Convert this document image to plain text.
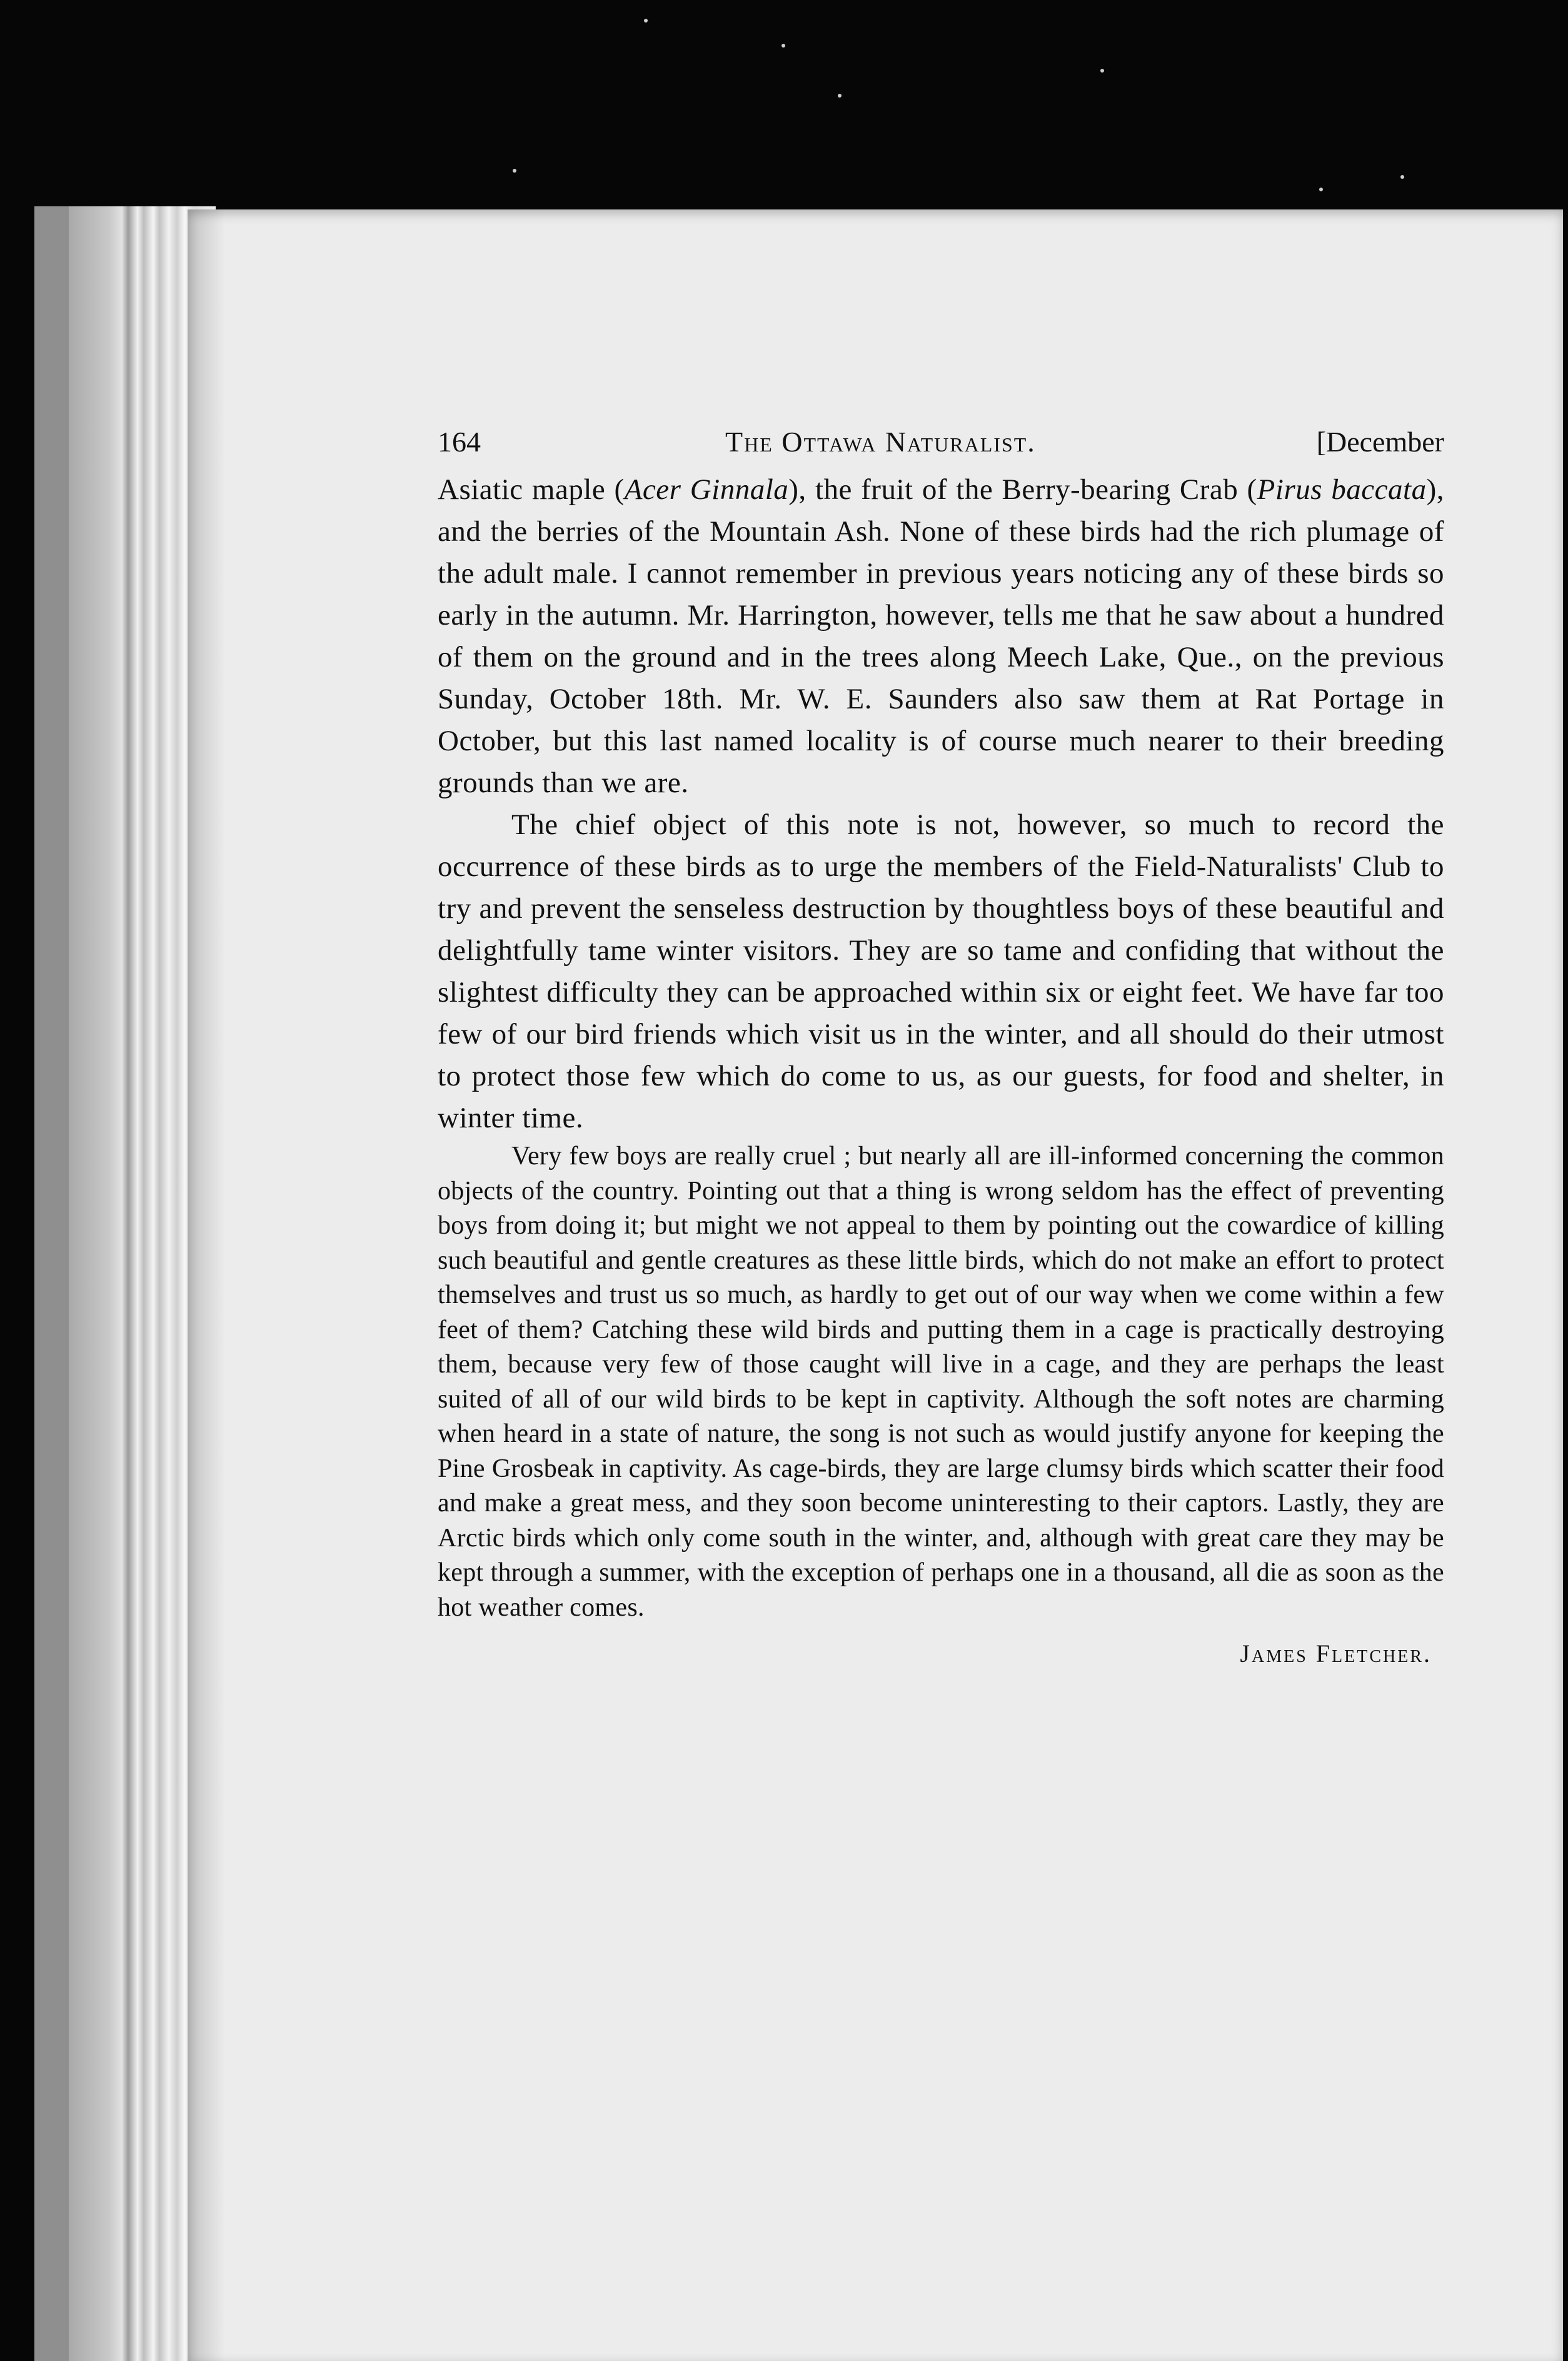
164	The Ottawa Naturalist.	[December

Asiatic maple (Acer Ginnala), the fruit of the Berry-bearing Crab (Pirus baccata), and the berries of the Mountain Ash. None of these birds had the rich plumage of the adult male. I cannot remember in previous years noticing any of these birds so early in the autumn. Mr. Harrington, however, tells me that he saw about a hundred of them on the ground and in the trees along Meech Lake, Que., on the previous Sunday, October 18th. Mr. W. E. Saunders also saw them at Rat Portage in October, but this last named locality is of course much nearer to their breeding grounds than we are.

The chief object of this note is not, however, so much to record the occurrence of these birds as to urge the members of the Field-Naturalists' Club to try and prevent the senseless destruction by thoughtless boys of these beautiful and delightfully tame winter visitors. They are so tame and confiding that without the slightest difficulty they can be approached within six or eight feet. We have far too few of our bird friends which visit us in the winter, and all should do their utmost to protect those few which do come to us, as our guests, for food and shelter, in winter time.

Very few boys are really cruel ; but nearly all are ill-informed concerning the common objects of the country. Pointing out that a thing is wrong seldom has the effect of preventing boys from doing it; but might we not appeal to them by pointing out the cowardice of killing such beautiful and gentle creatures as these little birds, which do not make an effort to protect themselves and trust us so much, as hardly to get out of our way when we come within a few feet of them? Catching these wild birds and putting them in a cage is practically destroying them, because very few of those caught will live in a cage, and they are perhaps the least suited of all of our wild birds to be kept in captivity. Although the soft notes are charming when heard in a state of nature, the song is not such as would justify anyone for keeping the Pine Grosbeak in captivity. As cage-birds, they are large clumsy birds which scatter their food and make a great mess, and they soon become uninteresting to their captors. Lastly, they are Arctic birds which only come south in the winter, and, although with great care they may be kept through a summer, with the exception of perhaps one in a thousand, all die as soon as the hot weather comes.

James Fletcher.
